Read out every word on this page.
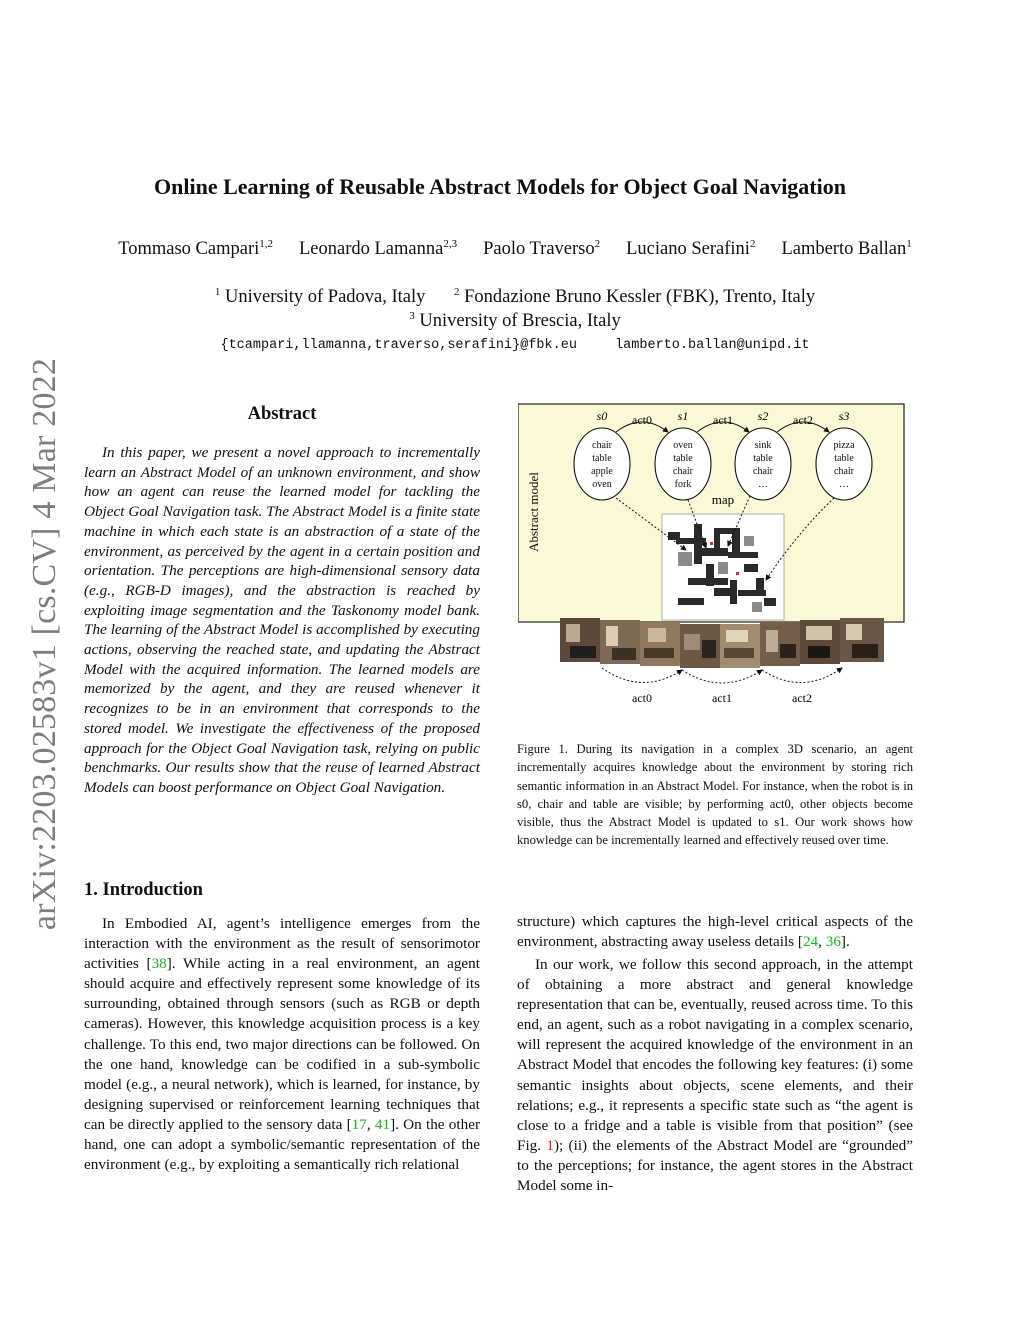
arXiv:2203.02583v1 [cs.CV] 4 Mar 2022
Online Learning of Reusable Abstract Models for Object Goal Navigation
Tommaso Campari$^{1,2}$ Leonardo Lamanna$^{2,3}$ Paolo Traverso$^2$ Luciano Serafini$^2$ Lamberto Ballan$^1$
$^1$ University of Padova, Italy	$^2$ Fondazione Bruno Kessler (FBK), Trento, Italy
$^3$ University of Brescia, Italy
{tcampari,llamanna,traverso,serafini}@fbk.eu	lamberto.ballan@unipd.it
Abstract
In this paper, we present a novel approach to incrementally learn an Abstract Model of an unknown environment, and show how an agent can reuse the learned model for tackling the Object Goal Navigation task. The Abstract Model is a finite state machine in which each state is an abstraction of a state of the environment, as perceived by the agent in a certain position and orientation. The perceptions are high-dimensional sensory data (e.g., RGB-D images), and the abstraction is reached by exploiting image segmentation and the Taskonomy model bank. The learning of the Abstract Model is accomplished by executing actions, observing the reached state, and updating the Abstract Model with the acquired information. The learned models are memorized by the agent, and they are reused whenever it recognizes to be in an environment that corresponds to the stored model. We investigate the effectiveness of the proposed approach for the Object Goal Navigation task, relying on public benchmarks. Our results show that the reuse of learned Abstract Models can boost performance on Object Goal Navigation.
1. Introduction
In Embodied AI, agent’s intelligence emerges from the interaction with the environment as the result of sensorimotor activities [38]. While acting in a real environment, an agent should acquire and effectively represent some knowledge of its surrounding, obtained through sensors (such as RGB or depth cameras). However, this knowledge acquisition process is a key challenge. To this end, two major directions can be followed. On the one hand, knowledge can be codified in a sub-symbolic model (e.g., a neural network), which is learned, for instance, by designing supervised or reinforcement learning techniques that can be directly applied to the sensory data [17, 41]. On the other hand, one can adopt a symbolic/semantic representation of the environment (e.g., by exploiting a semantically rich relational
structure) which captures the high-level critical aspects of the environment, abstracting away useless details [24, 36].
In our work, we follow this second approach, in the attempt of obtaining a more abstract and general knowledge representation that can be, eventually, reused across time. To this end, an agent, such as a robot navigating in a complex scenario, will represent the acquired knowledge of the environment in an Abstract Model that encodes the following key features: (i) some semantic insights about objects, scene elements, and their relations; e.g., it represents a specific state such as “the agent is close to a fridge and a table is visible from that position” (see Fig. 1); (ii) the elements of the Abstract Model are “grounded” to the perceptions; for instance, the agent stores in the Abstract Model some in-
Abstract model
s0	s1	s2	s3
act0	act1	act2
chair
table
apple
oven
oven
table
chair
fork
sink
table
chair
…
pizza
table
chair
…
map
act0	act1	act2
Figure 1. During its navigation in a complex 3D scenario, an agent incrementally acquires knowledge about the environment by storing rich semantic information in an Abstract Model. For instance, when the robot is in s0, chair and table are visible; by performing act0, other objects become visible, thus the Abstract Model is updated to s1. Our work shows how knowledge can be incrementally learned and effectively reused over time.
